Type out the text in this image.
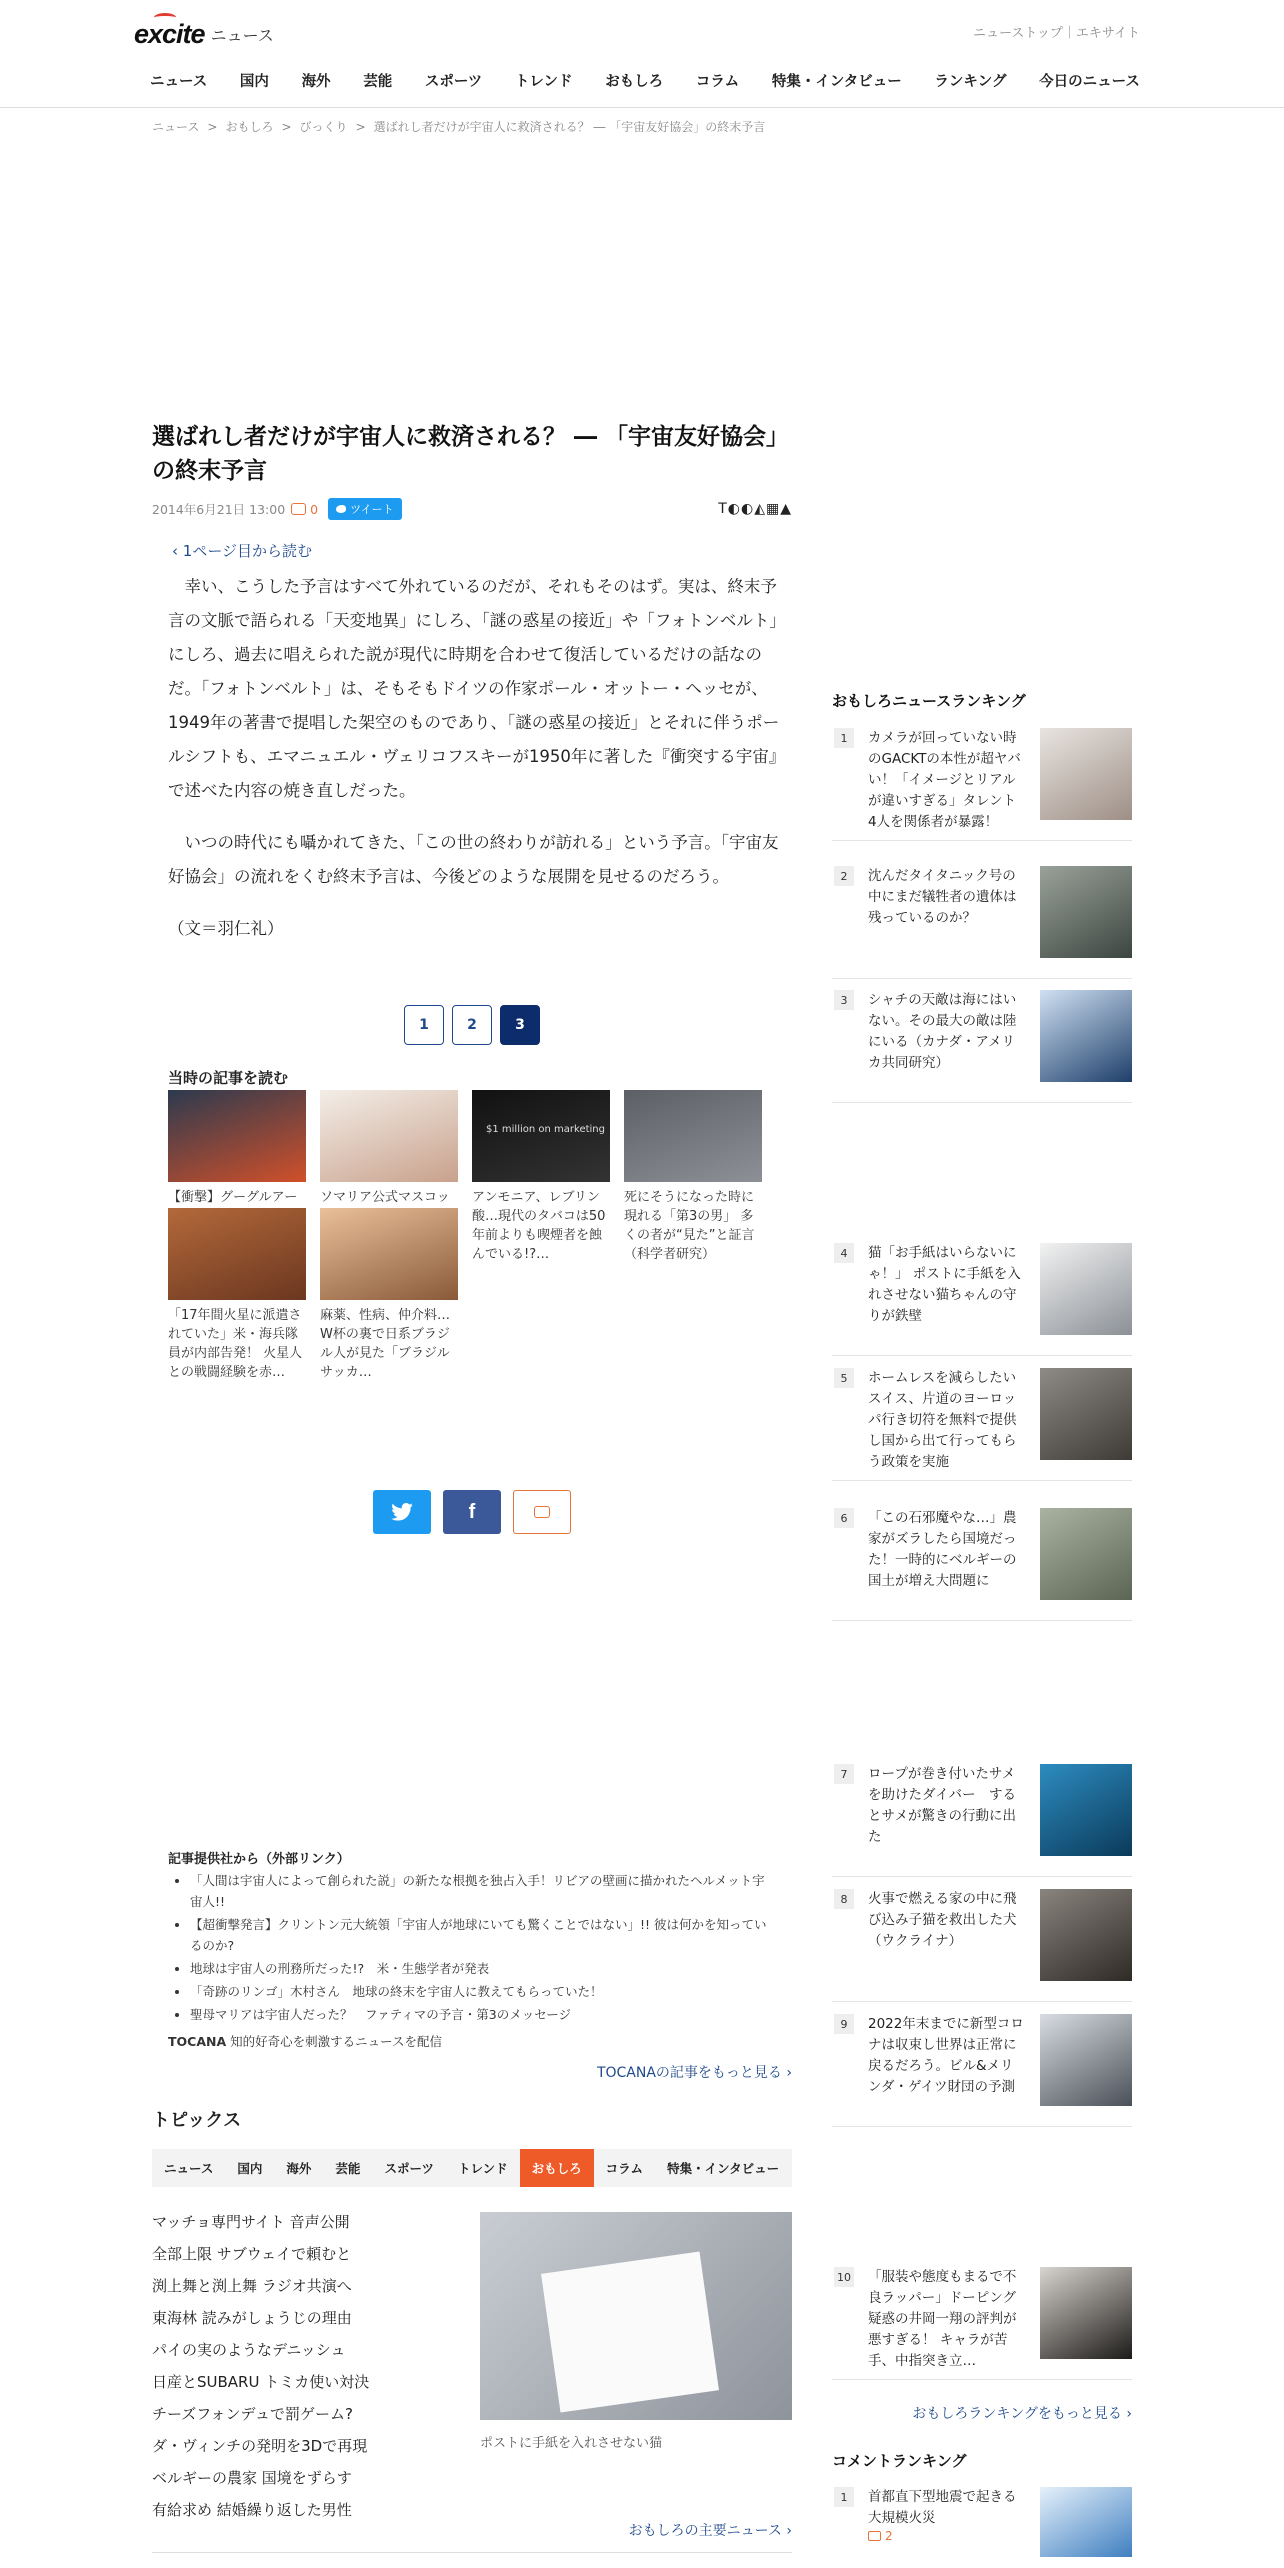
excite ニュース	ニューストップ｜エキサイト
ニュース 国内 海外 芸能 スポーツ トレンド おもしろ コラム 特集・インタビュー ランキング 今日のニュース
ニュース > おもしろ > びっくり > 選ばれし者だけが宇宙人に救済される？ ― 「宇宙友好協会」の終末予言
選ばれし者だけが宇宙人に救済される？ ― 「宇宙友好協会」の終末予言
2014年6月21日 13:00 0	ツイート	T◐◐◭▦▲
‹ 1ページ目から読む

幸い、こうした予言はすべて外れているのだが、それもそのはず。実は、終末予言の文脈で語られる「天変地異」にしろ、「謎の惑星の接近」や「フォトンベルト」にしろ、過去に唱えられた説が現代に時期を合わせて復活しているだけの話なのだ。「フォトンベルト」は、そもそもドイツの作家ポール・オットー・ヘッセが、1949年の著書で提唱した架空のものであり、「謎の惑星の接近」とそれに伴うポールシフトも、エマニュエル・ヴェリコフスキーが1950年に著した『衝突する宇宙』で述べた内容の焼き直しだった。

いつの時代にも囁かれてきた、「この世の終わりが訪れる」という予言。「宇宙友好協会」の流れをくむ終末予言は、今後どのような展開を見せるのだろう。

（文＝羽仁礼）

1	2	3
当時の記事を読む
【衝撃】グーグルアー	ソマリア公式マスコッ
$1 million on marketing
アンモニア、レブリン酸…現代のタバコは50年前よりも喫煙者を蝕んでいる!?…
死にそうになった時に現れる「第3の男」 多くの者が“見た”と証言（科学者研究）
「17年間火星に派遣されていた」米・海兵隊員が内部告発！ 火星人との戦闘経験を赤…
麻薬、性病、仲介料…W杯の裏で日系ブラジル人が見た「ブラジルサッカ…
f
記事提供社から（外部リンク）
• 「人間は宇宙人によって創られた説」の新たな根拠を独占入手！リビアの壁画に描かれたヘルメット宇宙人!!
• 【超衝撃発言】クリントン元大統領「宇宙人が地球にいても驚くことではない」!! 彼は何かを知っているのか?
• 地球は宇宙人の刑務所だった!?　米・生態学者が発表
• 「奇跡のリンゴ」木村さん　地球の終末を宇宙人に教えてもらっていた！
• 聖母マリアは宇宙人だった？　ファティマの予言・第3のメッセージ
TOCANA 知的好奇心を刺激するニュースを配信
TOCANAの記事をもっと見る ›
トピックス
ニュース	国内	海外	芸能	スポーツ	トレンド	おもしろ	コラム	特集・インタビュー
マッチョ専門サイト 音声公開
全部上限 サブウェイで頼むと
渕上舞と渕上舞 ラジオ共演へ
東海林 読みがしょうじの理由
パイの実のようなデニッシュ
日産とSUBARU トミカ使い対決
チーズフォンデュで罰ゲーム?
ダ・ヴィンチの発明を3Dで再現
ベルギーの農家 国境をずらす
有給求め 結婚繰り返した男性
ポストに手紙を入れさせない猫
おもしろの主要ニュース ›
おもしろニュースランキング
1	カメラが回っていない時のGACKTの本性が超ヤバい！「イメージとリアルが違いすぎる」タレント4人を関係者が暴露！
2	沈んだタイタニック号の中にまだ犠牲者の遺体は残っているのか？
3	シャチの天敵は海にはいない。その最大の敵は陸にいる（カナダ・アメリカ共同研究）
4	猫「お手紙はいらないにゃ！」 ポストに手紙を入れさせない猫ちゃんの守りが鉄壁
5	ホームレスを減らしたいスイス、片道のヨーロッパ行き切符を無料で提供し国から出て行ってもらう政策を実施
6	「この石邪魔やな…」農家がズラしたら国境だった！一時的にベルギーの国土が増え大問題に
7	ロープが巻き付いたサメを助けたダイバー　するとサメが驚きの行動に出た
8	火事で燃える家の中に飛び込み子猫を救出した犬（ウクライナ）
9	2022年末までに新型コロナは収束し世界は正常に戻るだろう。ビル&メリンダ・ゲイツ財団の予測
10 「服装や態度もまるで不良ラッパー」ドーピング疑惑の井岡一翔の評判が悪すぎる！ キャラが苦手、中指突き立…
おもしろランキングをもっと見る ›
コメントランキング
1	首都直下型地震で起きる大規模火災
2
